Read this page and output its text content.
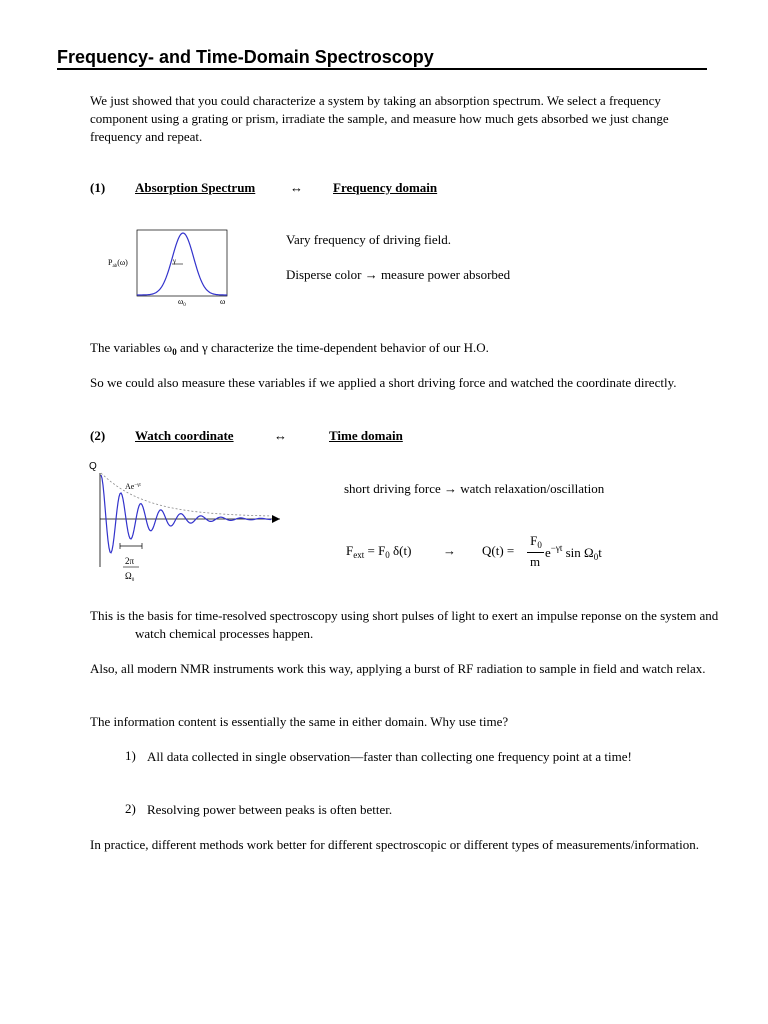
Frequency- and Time-Domain Spectroscopy

We just showed that you could characterize a system by taking an absorption spectrum. We select a frequency component using a grating or prism, irradiate the sample, and measure how much gets absorbed we just change frequency and repeat.

(1) Absorption Spectrum	↔ Frequency domain
$P_{ab}(\omega)$	γ
$\omega_0$	ω
Vary frequency of driving field.
Disperse color → measure power absorbed

The variables $\omega_0$ and γ characterize the time-dependent behavior of our H.O.

So we could also measure these variables if we applied a short driving force and watched the coordinate directly.

(2) Watch coordinate	↔	Time domain
Q
$Ae^{-\gamma t}$
2π
$\Omega_0$
short driving force → watch relaxation/oscillation
$F_{ext} = F_0$ δ(t) → Q(t) =
$F_0$
m
$e^{-\gamma t}$ $\sin \Omega_0t$

This is the basis for time-resolved spectroscopy using short pulses of light to exert an impulse reponse on the system and watch chemical processes happen.

Also, all modern NMR instruments work this way, applying a burst of RF radiation to sample in field and watch relax.

The information content is essentially the same in either domain. Why use time?

1) All data collected in single observation—faster than collecting one frequency point at a time!

2) Resolving power between peaks is often better.

In practice, different methods work better for different spectroscopic or different types of measurements/information.
